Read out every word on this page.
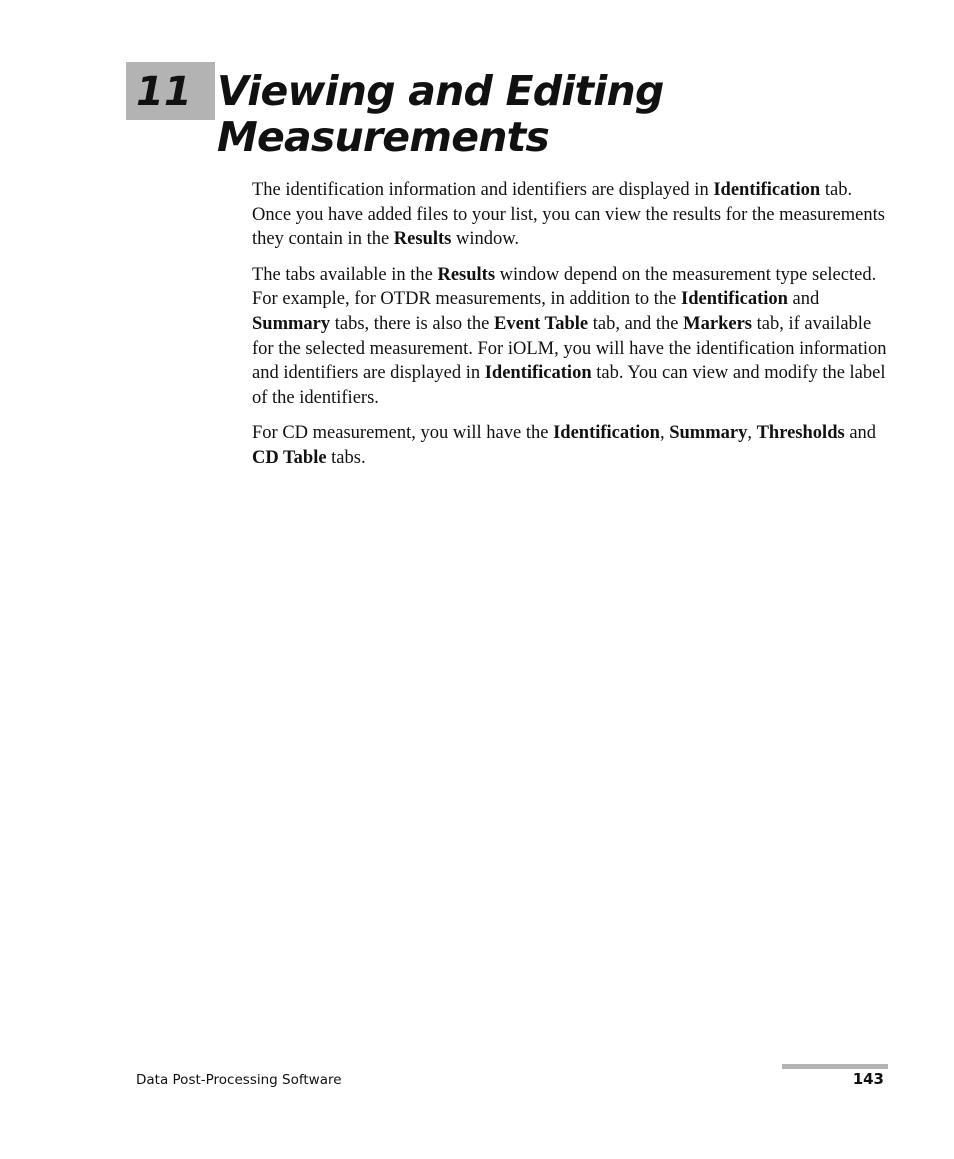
11 Viewing and Editing
Measurements

The identification information and identifiers are displayed in Identification tab. Once you have added files to your list, you can view the results for the measurements they contain in the Results window.

The tabs available in the Results window depend on the measurement type selected. For example, for OTDR measurements, in addition to the Identification and Summary tabs, there is also the Event Table tab, and the Markers tab, if available for the selected measurement. For iOLM, you will have the identification information and identifiers are displayed in Identification tab. You can view and modify the label of the identifiers.

For CD measurement, you will have the Identification, Summary, Thresholds and CD Table tabs.

Data Post-Processing Software	143
